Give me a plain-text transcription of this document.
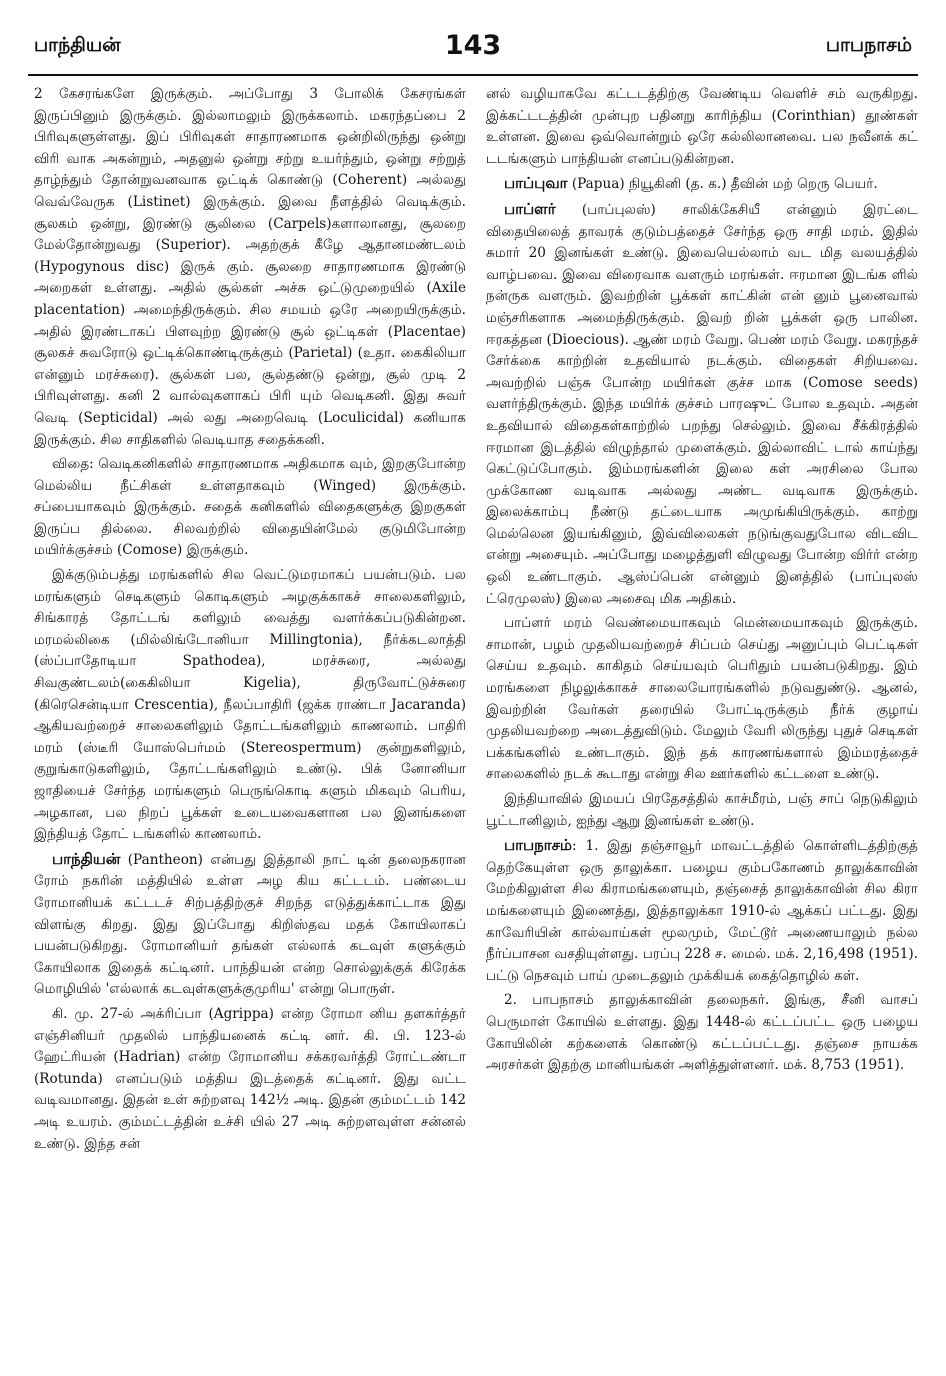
பாந்தியன்	143	பாபநாசம்

2 கேசரங்களே இருக்கும். அப்போது 3 போலிக் கேசரங்கள் இருப்பினும் இருக்கும். இல்லாமலும் இருக்கலாம். மகரந்தப்பை 2 பிரிவுகளுள்ளது. இப் பிரிவுகள் சாதாரணமாக ஒன்றிலிருந்து ஒன்று விரி வாக அகன்றும், அதனுல் ஒன்று சற்று உயர்ந்தும், ஒன்று சற்றுத் தாழ்ந்தும் தோன்றுவனவாக ஒட்டிக் கொண்டு (Coherent) அல்லது வெவ்வேருக (Listinet) இருக்கும். இவை நீளத்தில் வெடிக்கும். சூலகம் ஒன்று, இரண்டு சூலிலை (Carpels)களாலானது, சூலறை மேல்தோன்றுவது (Superior). அதற்குக் கீழே ஆதானமண்டலம் (Hypogynous disc) இருக் கும். சூலறை சாதாரணமாக இரண்டு அறைகள் உள்ளது. அதில் சூல்கள் அச்சு ஒட்டுமுறையில் (Axile placentation) அமைந்திருக்கும். சில சமயம் ஒரே அறையிருக்கும். அதில் இரண்டாகப் பிளவுற்ற இரண்டு சூல் ஒட்டிகள் (Placentae) சூலகச் சுவரோடு ஒட்டிக்கொண்டிருக்கும் (Parietal) (உதா. கைகிலியா என்னும் மரச்சுரை). சூல்கள் பல, சூல்தண்டு ஒன்று, சூல் முடி 2 பிரிவுள்ளது. கனி 2 வால்வுகளாகப் பிரி யும் வெடிகனி. இது சுவர் வெடி (Septicidal) அல் லது அறைவெடி (Loculicidal) கனியாக இருக்கும். சில சாதிகளில் வெடியாத சதைக்கனி.

விதை: வெடிகனிகளில் சாதாரணமாக அதிகமாக வும், இறகுபோன்ற மெல்லிய நீட்சிகள் உள்ளதாகவும் (Winged) இருக்கும். சப்பையாகவும் இருக்கும். சதைக் கனிகளில் விதைகளுக்கு இறகுகள் இருப்ப தில்லை. சிலவற்றில் விதையின்மேல் குடுமிபோன்ற மயிர்க்குச்சம் (Comose) இருக்கும்.

இக்குடும்பத்து மரங்களில் சில வெட்டுமரமாகப் பயன்படும். பல மரங்களும் செடிகளும் கொடிகளும் அழகுக்காகச் சாலைகளிலும், சிங்காரத் தோட்டங் களிலும் வைத்து வளர்க்கப்படுகின்றன. மரமல்லிகை (மில்லிங்டோனியா Millingtonia), நீர்க்கடலாத்தி (ஸ்ப்பாதோடியா Spathodea), மரச்சுரை, அல்லது சிவகுண்டலம்(கைகிலியா Kigelia), திருவோட்டுச்சுரை (கிரெசென்டியா Crescentia), நீலப்பாதிரி (ஜக்க ராண்டா Jacaranda) ஆகியவற்றைச் சாலைகளிலும் தோட்டங்களிலும் காணலாம். பாதிரி மரம் (ஸ்டீரி யோஸ்பெர்மம் (Stereospermum) குன்றுகளிலும், குறுங்காடுகளிலும், தோட்டங்களிலும் உண்டு. பிக் னோனியா ஜாதியைச் சேர்ந்த மரங்களும் பெருங்கொடி களும் மிகவும் பெரிய, அழகான, பல நிறப் பூக்கள் உடையவைகளான பல இனங்களை இந்தியத் தோட் டங்களில் காணலாம்.

பாந்தியன் (Pantheon) என்பது இத்தாலி நாட் டின் தலைநகரான ரோம் நகரின் மத்தியில் உள்ள அழ கிய கட்டடம். பண்டைய ரோமானியக் கட்டடச் சிற்பத்திற்குச் சிறந்த எடுத்துக்காட்டாக இது விளங்கு கிறது. இது இப்போது கிறிஸ்தவ மதக் கோயிலாகப் பயன்படுகிறது. ரோமானியர் தங்கள் எல்லாக் கடவுள் களுக்கும் கோயிலாக இதைக் கட்டினர். பாந்தியன் என்ற சொல்லுக்குக் கிரேக்க மொழியில் 'எல்லாக் கடவுள்களுக்குமுரிய' என்று பொருள்.

கி. மு. 27-ல் அக்ரிப்பா (Agrippa) என்ற ரோமா னிய தளகர்த்தர் எஞ்சினியர் முதலில் பாந்தியனைக் கட்டி னர். கி. பி. 123-ல் ஹேட்ரியன் (Hadrian) என்ற ரோமானிய சக்கரவர்த்தி ரோட்டண்டா (Rotunda) எனப்படும் மத்திய இடத்தைக் கட்டினர். இது வட்ட வடிவமானது. இதன் உள் சுற்றளவு 142½ அடி. இதன் கும்மட்டம் 142 அடி உயரம். கும்மட்டத்தின் உச்சி யில் 27 அடி சுற்றளவுள்ள சன்னல் உண்டு. இந்த சன்

னல் வழியாகவே கட்டடத்திற்கு வேண்டிய வெளிச் சம் வருகிறது. இக்கட்டடத்தின் முன்புற பதினறு காரிந்திய (Corinthian) தூண்கள் உள்ளன. இவை ஒவ்வொன்றும் ஒரே கல்லிலானவை. பல நவீனக் கட் டடங்களும் பாந்தியன் எனப்படுகின்றன.

பாப்புவா (Papua) நியூகினி (த. க.) தீவின் மற் றெரு பெயர்.

பாப்ளர் (பாப்புலஸ்) சாலிக்கேசியீ என்னும் இரட்டை விதையிலைத் தாவரக் குடும்பத்தைச் சேர்ந்த ஒரு சாதி மரம். இதில் சுமார் 20 இனங்கள் உண்டு. இவையெல்லாம் வட மித வலயத்தில் வாழ்பவை. இவை விரைவாக வளரும் மரங்கள். ஈரமான இடங்க ளில் நன்ருக வளரும். இவற்றின் பூக்கள் காட்கின் என் னும் பூனைவால் மஞ்சரிகளாக அமைந்திருக்கும். இவற் றின் பூக்கள் ஒரு பாலின. ஈரகத்தன (Dioecious). ஆண் மரம் வேறு. பெண் மரம் வேறு. மகரந்தச் சேர்க்கை காற்றின் உதவியால் நடக்கும். விதைகள் சிறியவை. அவற்றில் பஞ்சு போன்ற மயிர்கள் குச்ச மாக (Comose seeds) வளர்ந்திருக்கும். இந்த மயிர்க் குச்சம் பாரஷுட் போல உதவும். அதன் உதவியால் விதைகள்காற்றில் பறந்து செல்லும். இவை சீக்கிரத்தில் ஈரமான இடத்தில் விழுந்தால் முளைக்கும். இல்லாவிட் டால் காய்ந்து கெட்டுப்போகும். இம்மரங்களின் இலை கள் அரசிலை போல முக்கோண வடிவாக அல்லது அண்ட வடிவாக இருக்கும். இலைக்காம்பு நீண்டு தட்டையாக அமுங்கியிருக்கும். காற்று மெல்லென இயங்கினும், இவ்விலைகள் நடுங்குவதுபோல விடவிட என்று அசையும். அப்போது மழைத்துளி விழுவது போன்ற விர்ர் என்ற ஒலி உண்டாகும். ஆஸ்ப்பென் என்னும் இனத்தில் (பாப்புலஸ் ட்ரெமுலஸ்) இலை அசைவு மிக அதிகம்.

பாப்ளர் மரம் வெண்மையாகவும் மென்மையாகவும் இருக்கும். சாமான், பழம் முதலியவற்றைச் சிப்பம் செய்து அனுப்பும் பெட்டிகள் செய்ய உதவும். காகிதம் செய்யவும் பெரிதும் பயன்படுகிறது. இம் மரங்களை நிழலுக்காகச் சாலையோரங்களில் நடுவதுண்டு. ஆனல், இவற்றின் வேர்கள் தரையில் போட்டிருக்கும் நீர்க் குழாய் முதலியவற்றை அடைத்துவிடும். மேலும் வேரி லிருந்து புதுச் செடிகள் பக்கங்களில் உண்டாகும். இந் தக் காரணங்களால் இம்மரத்தைச் சாலைகளில் நடக் கூடாது என்று சில ஊர்களில் கட்டளை உண்டு.

இந்தியாவில் இமயப் பிரதேசத்தில் காச்மீரம், பஞ் சாப் நெடுகிலும் பூட்டானிலும், ஐந்து ஆறு இனங்கள் உண்டு.

பாபநாசம்: 1. இது தஞ்சாவூர் மாவட்டத்தில் கொள்ளிடத்திற்குத் தெற்கேயுள்ள ஒரு தாலுக்கா. பழைய கும்பகோணம் தாலுக்காவின் மேற்கிலுள்ள சில கிராமங்களையும், தஞ்சைத் தாலுக்காவின் சில கிரா மங்களையும் இணைத்து, இத்தாலுக்கா 1910-ல் ஆக்கப் பட்டது. இது காவேரியின் கால்வாய்கள் மூலமும், மேட்டூர் அணையாலும் நல்ல நீர்ப்பாசன வசதியுள்ளது. பரப்பு 228 ச. மைல். மக். 2,16,498 (1951). பட்டு நெசவும் பாய் முடைதலும் முக்கியக் கைத்தொழில் கள்.

2. பாபநாசம் தாலுக்காவின் தலைநகர். இங்கு, சீனி வாசப் பெருமாள் கோயில் உள்ளது. இது 1448-ல் கட்டப்பட்ட ஒரு பழைய கோயிலின் கற்களைக் கொண்டு கட்டப்பட்டது. தஞ்சை நாயக்க அரசர்கள் இதற்கு மானியங்கள் அளித்துள்ளனர். மக். 8,753 (1951).
